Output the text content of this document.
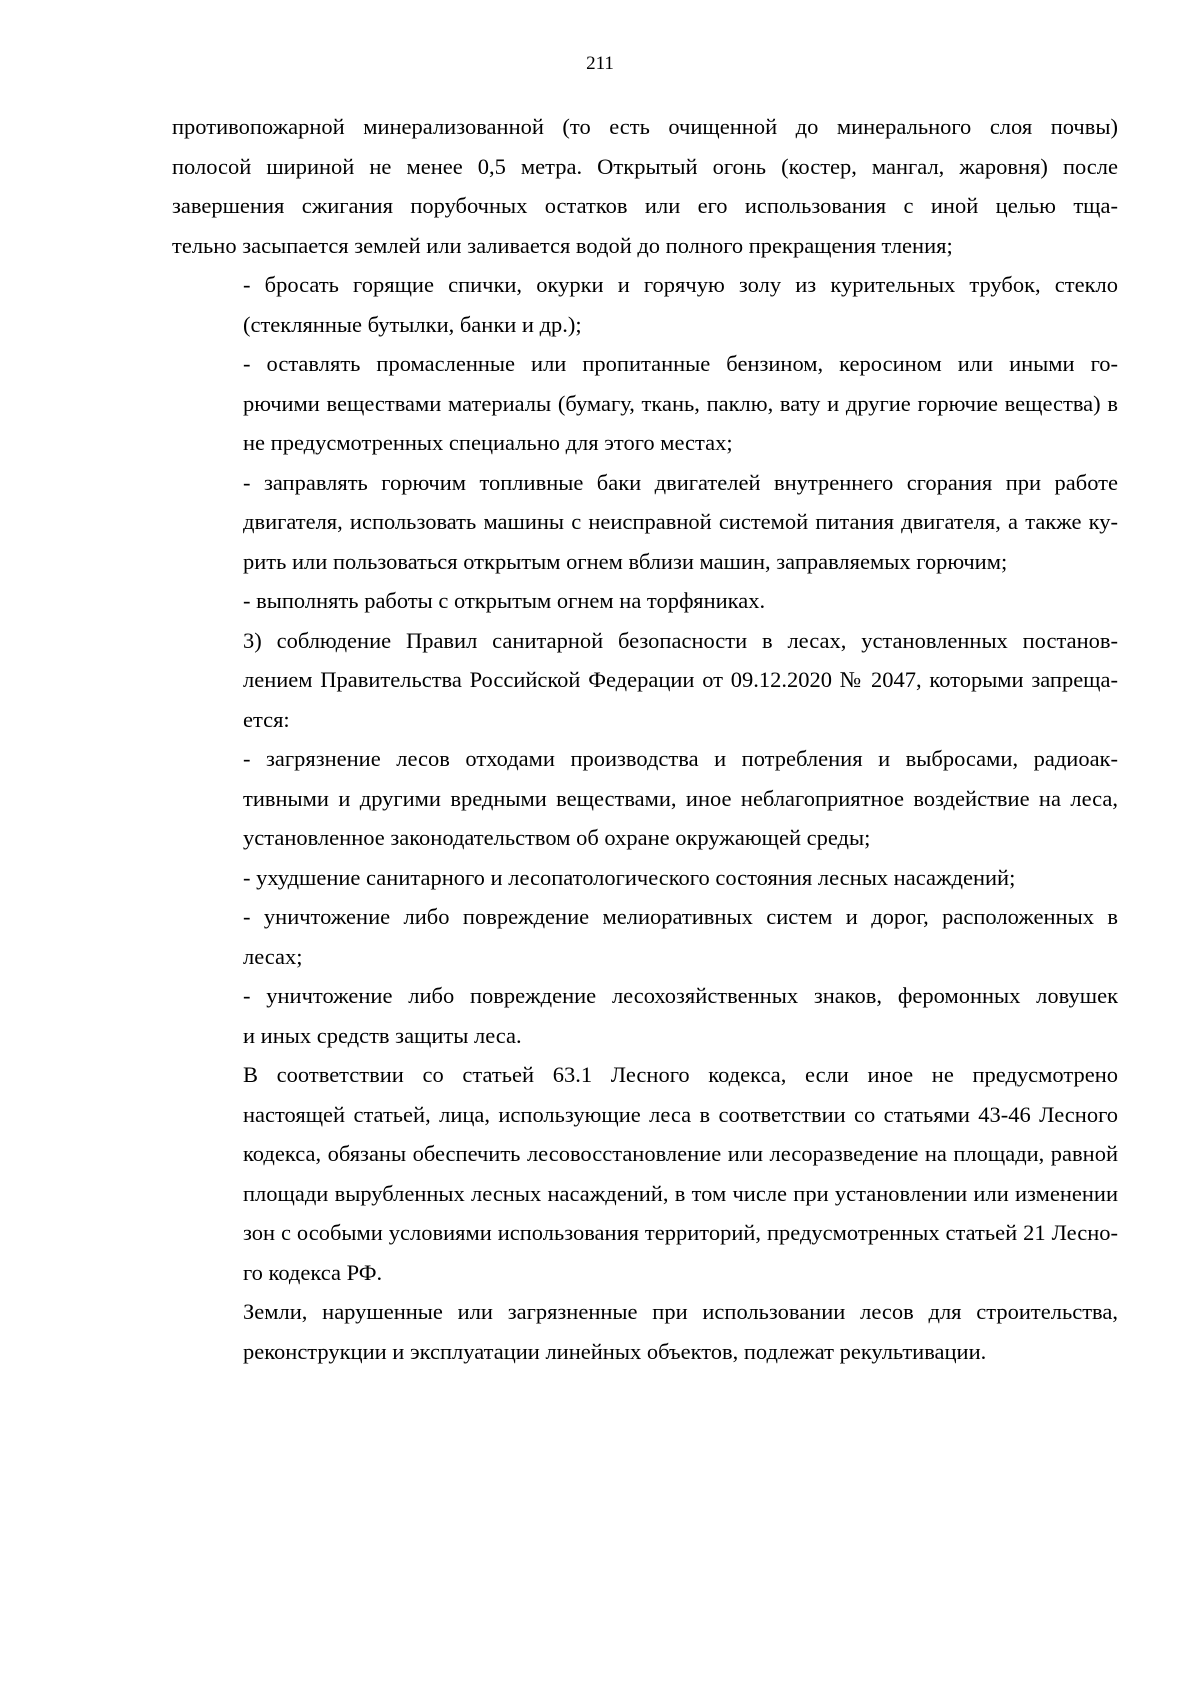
211

противопожарной минерализованной (то есть очищенной до минерального слоя почвы)
полосой шириной не менее 0,5 метра. Открытый огонь (костер, мангал, жаровня) после
завершения сжигания порубочных остатков или его использования с иной целью тща-
тельно засыпается землей или заливается водой до полного прекращения тления;

- бросать горящие спички, окурки и горячую золу из курительных трубок, стекло
(стеклянные бутылки, банки и др.);

- оставлять промасленные или пропитанные бензином, керосином или иными го-
рючими веществами материалы (бумагу, ткань, паклю, вату и другие горючие вещества) в
не предусмотренных специально для этого местах;

- заправлять горючим топливные баки двигателей внутреннего сгорания при работе
двигателя, использовать машины с неисправной системой питания двигателя, а также ку-
рить или пользоваться открытым огнем вблизи машин, заправляемых горючим;

- выполнять работы с открытым огнем на торфяниках.

3) соблюдение Правил санитарной безопасности в лесах, установленных постанов-
лением Правительства Российской Федерации от 09.12.2020 № 2047, которыми запреща-
ется:

- загрязнение лесов отходами производства и потребления и выбросами, радиоак-
тивными и другими вредными веществами, иное неблагоприятное воздействие на леса,
установленное законодательством об охране окружающей среды;

- ухудшение санитарного и лесопатологического состояния лесных насаждений;

- уничтожение либо повреждение мелиоративных систем и дорог, расположенных в
лесах;

- уничтожение либо повреждение лесохозяйственных знаков, феромонных ловушек
и иных средств защиты леса.

В соответствии со статьей 63.1 Лесного кодекса, если иное не предусмотрено
настоящей статьей, лица, использующие леса в соответствии со статьями 43-46 Лесного
кодекса, обязаны обеспечить лесовосстановление или лесоразведение на площади, равной
площади вырубленных лесных насаждений, в том числе при установлении или изменении
зон с особыми условиями использования территорий, предусмотренных статьей 21 Лесно-
го кодекса РФ.

Земли, нарушенные или загрязненные при использовании лесов для строительства,
реконструкции и эксплуатации линейных объектов, подлежат рекультивации.
